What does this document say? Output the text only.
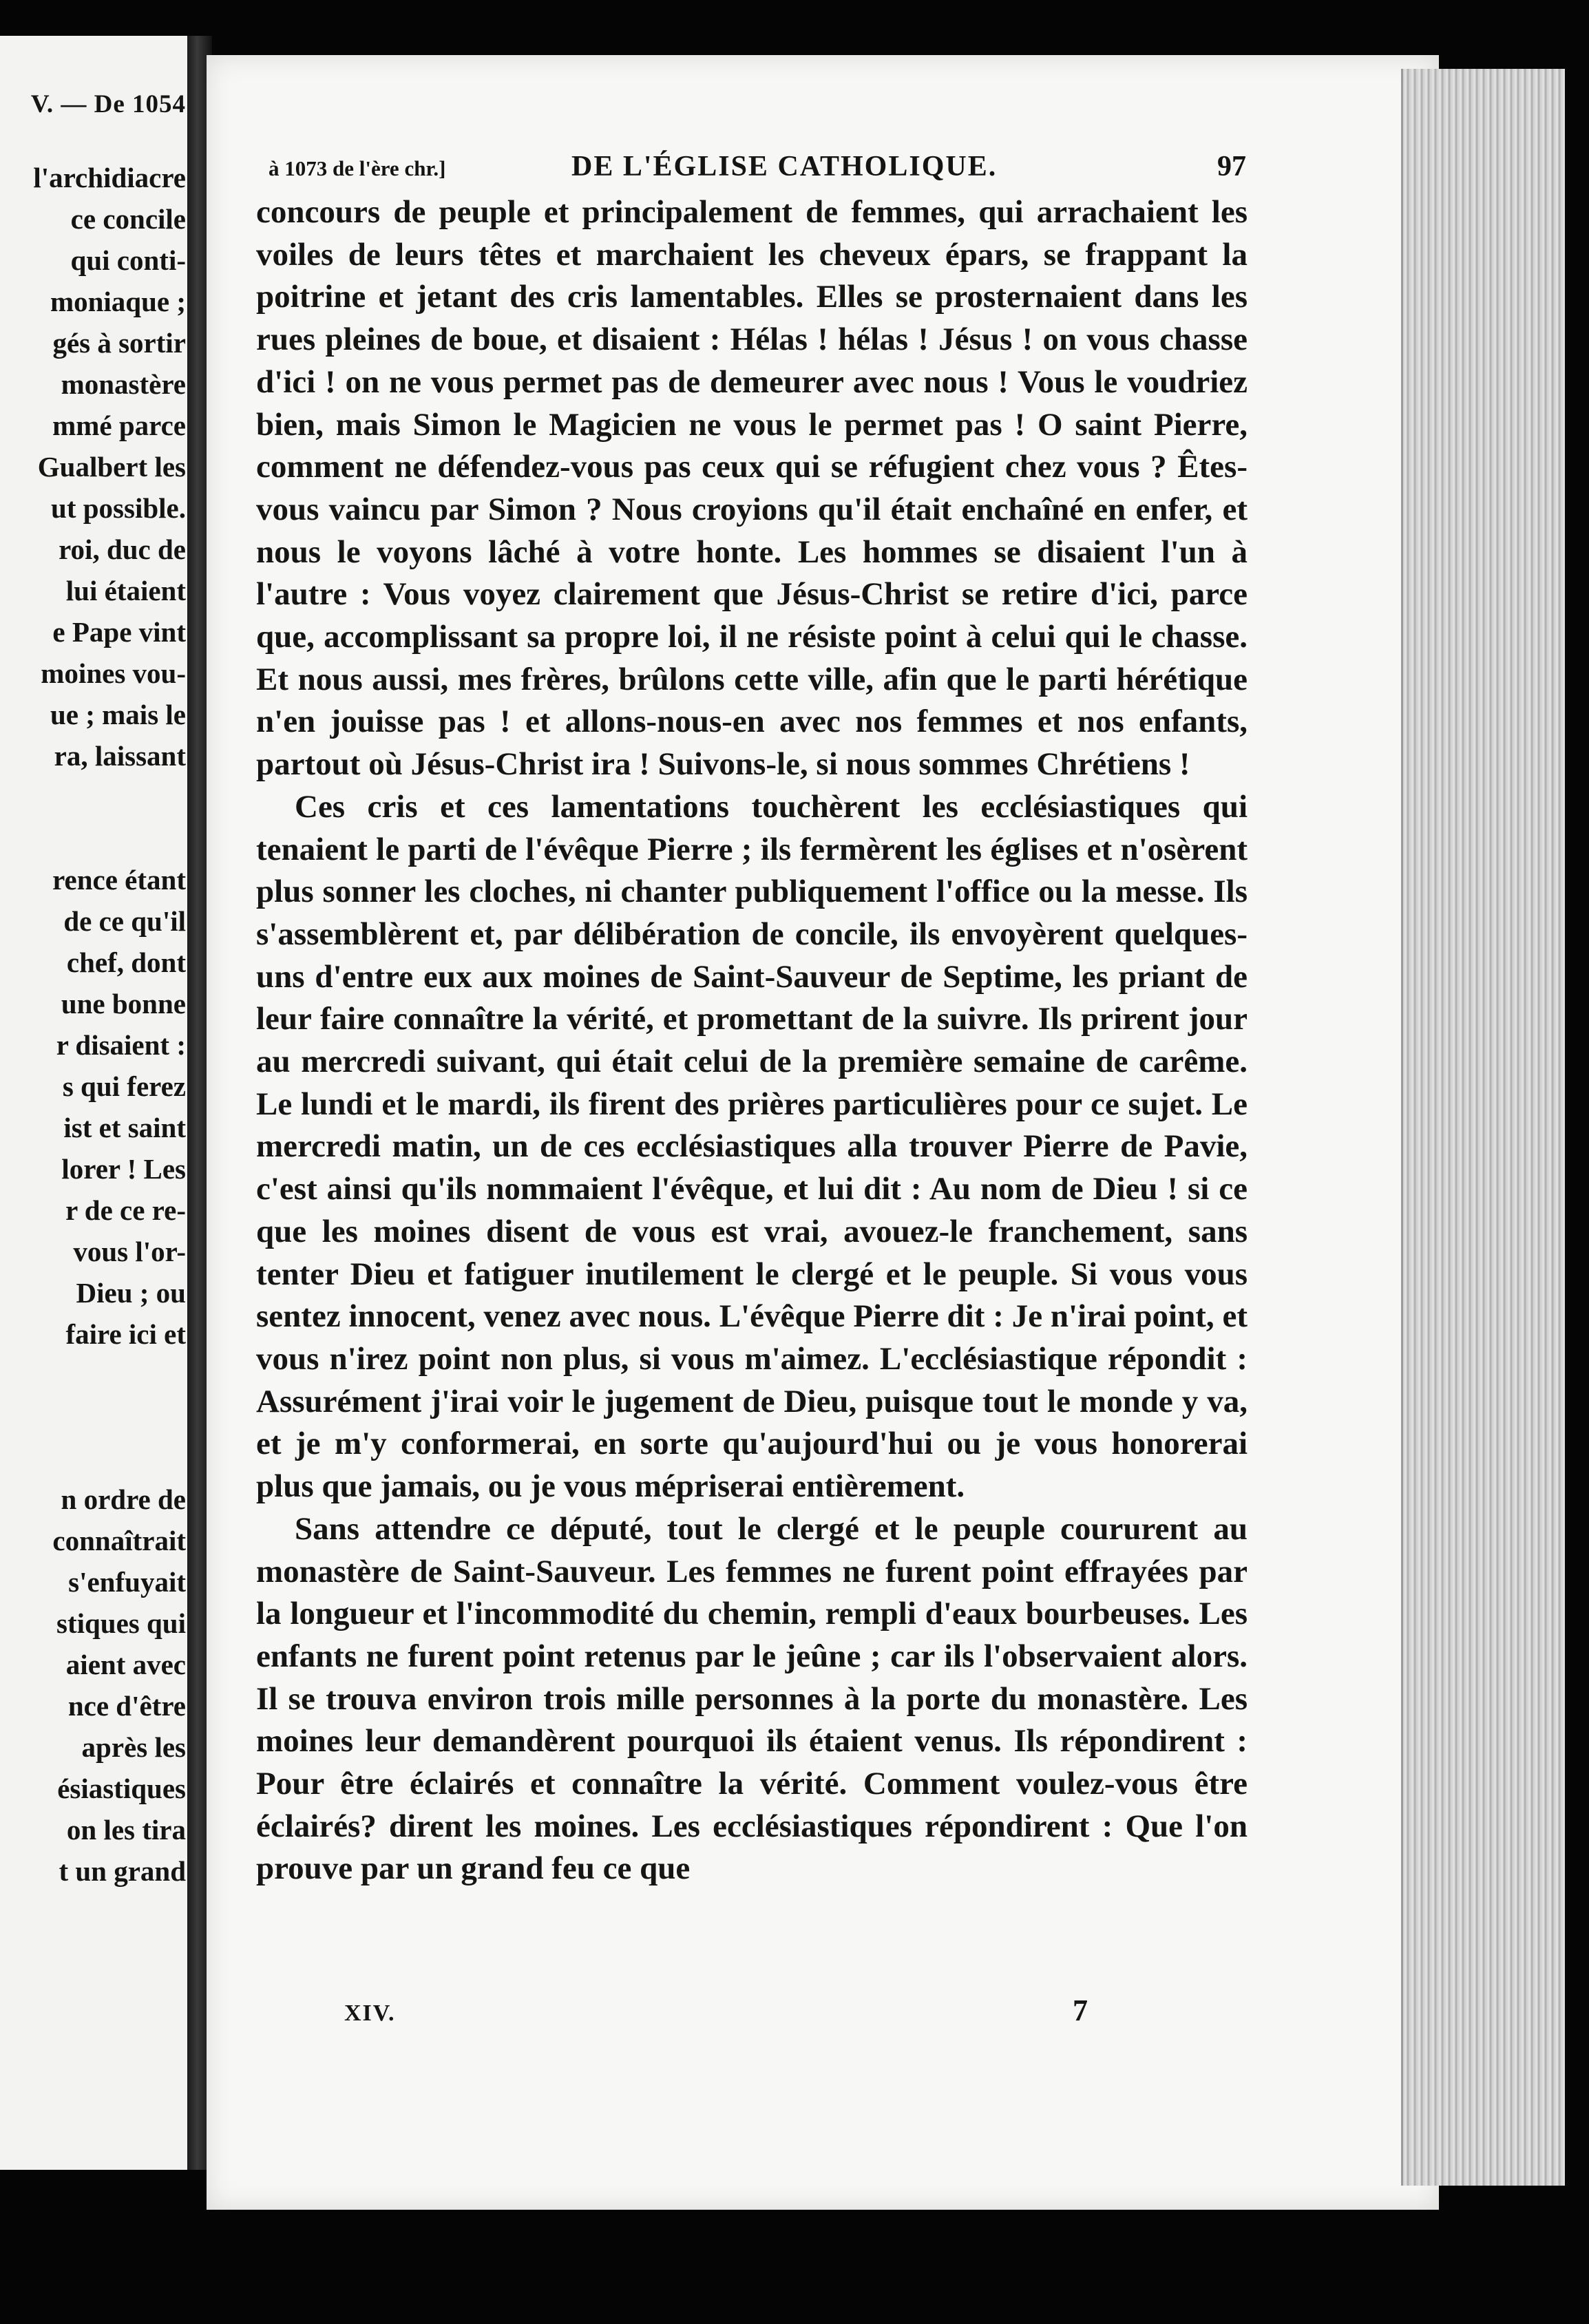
V. — De 1054
l'archidiacre
ce concile
qui conti-
moniaque ;
gés à sortir
monastère
mmé parce
Gualbert les
ut possible.
roi, duc de
lui étaient
e Pape vint
moines vou-
ue ; mais le
ra, laissant
rence étant
de ce qu'il
chef, dont
une bonne
r disaient :
s qui ferez
ist et saint
lorer ! Les
r de ce re-
vous l'or-
Dieu ; ou
faire ici et
n ordre de
connaîtrait
s'enfuyait
stiques qui
aient avec
nce d'être
après les
ésiastiques
on les tira
t un grand
à 1073 de l'ère chr.]	DE L'ÉGLISE CATHOLIQUE.	97

concours de peuple et principalement de femmes, qui arrachaient les voiles de leurs têtes et marchaient les cheveux épars, se frappant la poitrine et jetant des cris lamentables. Elles se prosternaient dans les rues pleines de boue, et disaient : Hélas ! hélas ! Jésus ! on vous chasse d'ici ! on ne vous permet pas de demeurer avec nous ! Vous le voudriez bien, mais Simon le Magicien ne vous le permet pas ! O saint Pierre, comment ne défendez-vous pas ceux qui se réfugient chez vous ? Êtes-vous vaincu par Simon ? Nous croyions qu'il était enchaîné en enfer, et nous le voyons lâché à votre honte. Les hommes se disaient l'un à l'autre : Vous voyez clairement que Jésus-Christ se retire d'ici, parce que, accomplissant sa propre loi, il ne résiste point à celui qui le chasse. Et nous aussi, mes frères, brûlons cette ville, afin que le parti hérétique n'en jouisse pas ! et allons-nous-en avec nos femmes et nos enfants, partout où Jésus-Christ ira ! Suivons-le, si nous sommes Chrétiens !

Ces cris et ces lamentations touchèrent les ecclésiastiques qui tenaient le parti de l'évêque Pierre ; ils fermèrent les églises et n'osèrent plus sonner les cloches, ni chanter publiquement l'office ou la messe. Ils s'assemblèrent et, par délibération de concile, ils envoyèrent quelques-uns d'entre eux aux moines de Saint-Sauveur de Septime, les priant de leur faire connaître la vérité, et promettant de la suivre. Ils prirent jour au mercredi suivant, qui était celui de la première semaine de carême. Le lundi et le mardi, ils firent des prières particulières pour ce sujet. Le mercredi matin, un de ces ecclésiastiques alla trouver Pierre de Pavie, c'est ainsi qu'ils nommaient l'évêque, et lui dit : Au nom de Dieu ! si ce que les moines disent de vous est vrai, avouez-le franchement, sans tenter Dieu et fatiguer inutilement le clergé et le peuple. Si vous vous sentez innocent, venez avec nous. L'évêque Pierre dit : Je n'irai point, et vous n'irez point non plus, si vous m'aimez. L'ecclésiastique répondit : Assurément j'irai voir le jugement de Dieu, puisque tout le monde y va, et je m'y conformerai, en sorte qu'aujourd'hui ou je vous honorerai plus que jamais, ou je vous mépriserai entièrement.

Sans attendre ce député, tout le clergé et le peuple coururent au monastère de Saint-Sauveur. Les femmes ne furent point effrayées par la longueur et l'incommodité du chemin, rempli d'eaux bourbeuses. Les enfants ne furent point retenus par le jeûne ; car ils l'observaient alors. Il se trouva environ trois mille personnes à la porte du monastère. Les moines leur demandèrent pourquoi ils étaient venus. Ils répondirent : Pour être éclairés et connaître la vérité. Comment voulez-vous être éclairés? dirent les moines. Les ecclésiastiques répondirent : Que l'on prouve par un grand feu ce que

XIV.	7
